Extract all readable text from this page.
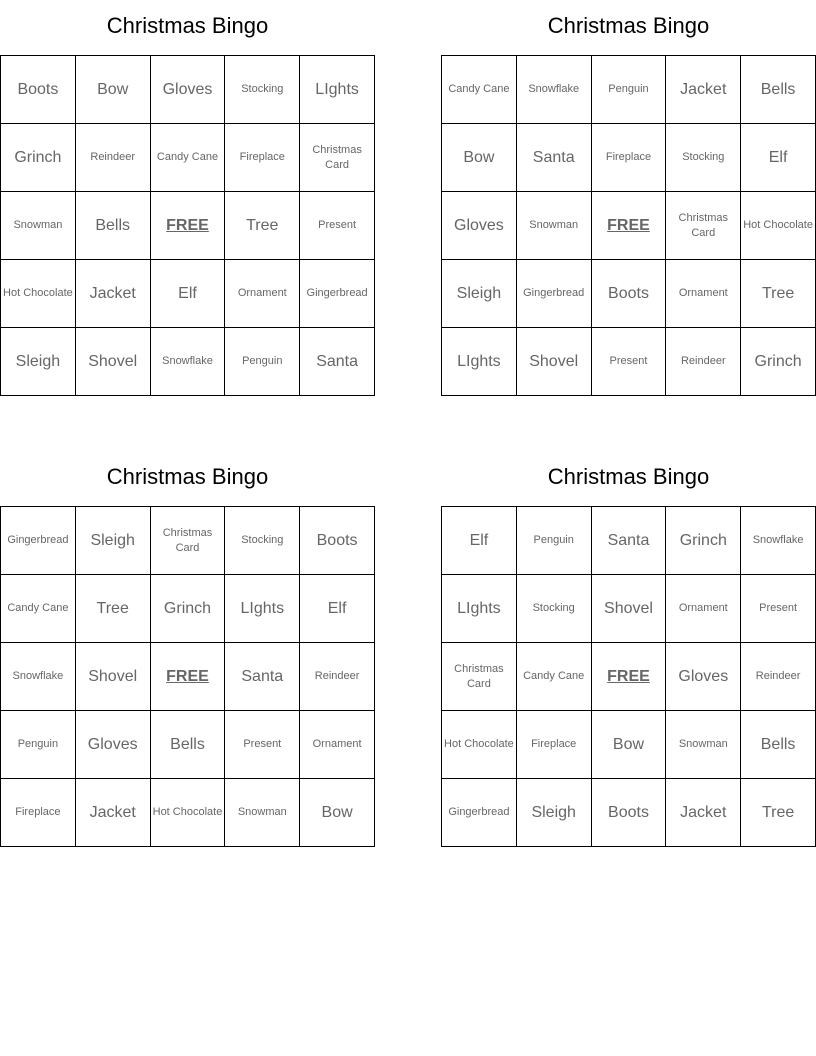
Christmas Bingo
Boots	Bow	Gloves	Stocking	LIghts
Grinch	Reindeer	Candy Cane	Fireplace	Christmas Card
Snowman	Bells	FREE	Tree	Present
Hot Chocolate	Jacket	Elf	Ornament	Gingerbread
Sleigh	Shovel	Snowflake	Penguin	Santa
Christmas Bingo
Candy Cane	Snowflake	Penguin	Jacket	Bells
Bow	Santa	Fireplace	Stocking	Elf
Gloves	Snowman	FREE	Christmas Card	Hot Chocolate
Sleigh	Gingerbread	Boots	Ornament	Tree
LIghts	Shovel	Present	Reindeer	Grinch
Christmas Bingo
Gingerbread	Sleigh	Christmas Card	Stocking	Boots
Candy Cane	Tree	Grinch	LIghts	Elf
Snowflake	Shovel	FREE	Santa	Reindeer
Penguin	Gloves	Bells	Present	Ornament
Fireplace	Jacket	Hot Chocolate	Snowman	Bow
Christmas Bingo
Elf	Penguin	Santa	Grinch	Snowflake
LIghts	Stocking	Shovel	Ornament	Present
Christmas Card	Candy Cane	FREE	Gloves	Reindeer
Hot Chocolate	Fireplace	Bow	Snowman	Bells
Gingerbread	Sleigh	Boots	Jacket	Tree
